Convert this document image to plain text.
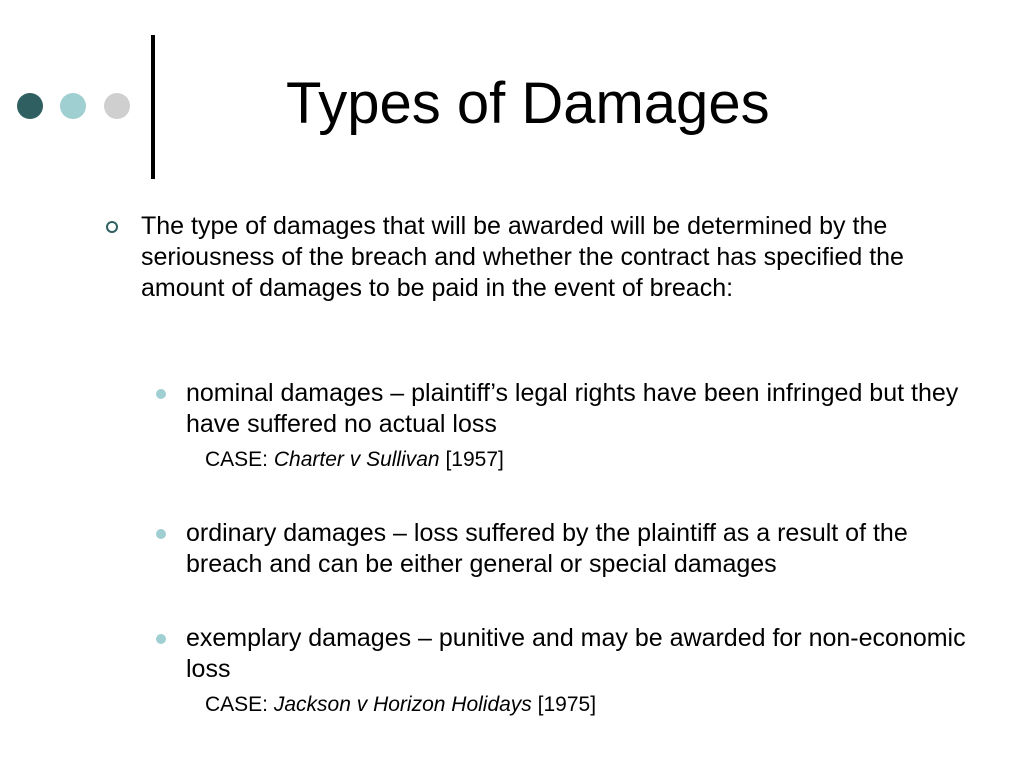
Types of Damages
The type of damages that will be awarded will be determined by the seriousness of the breach and whether the contract has specified the amount of damages to be paid in the event of breach:
nominal damages – plaintiff’s legal rights have been infringed but they have suffered no actual loss
CASE: Charter v Sullivan [1957]
ordinary damages – loss suffered by the plaintiff as a result of the breach and can be either general or special damages
exemplary damages – punitive and may be awarded for non-economic loss
CASE: Jackson v Horizon Holidays [1975]
